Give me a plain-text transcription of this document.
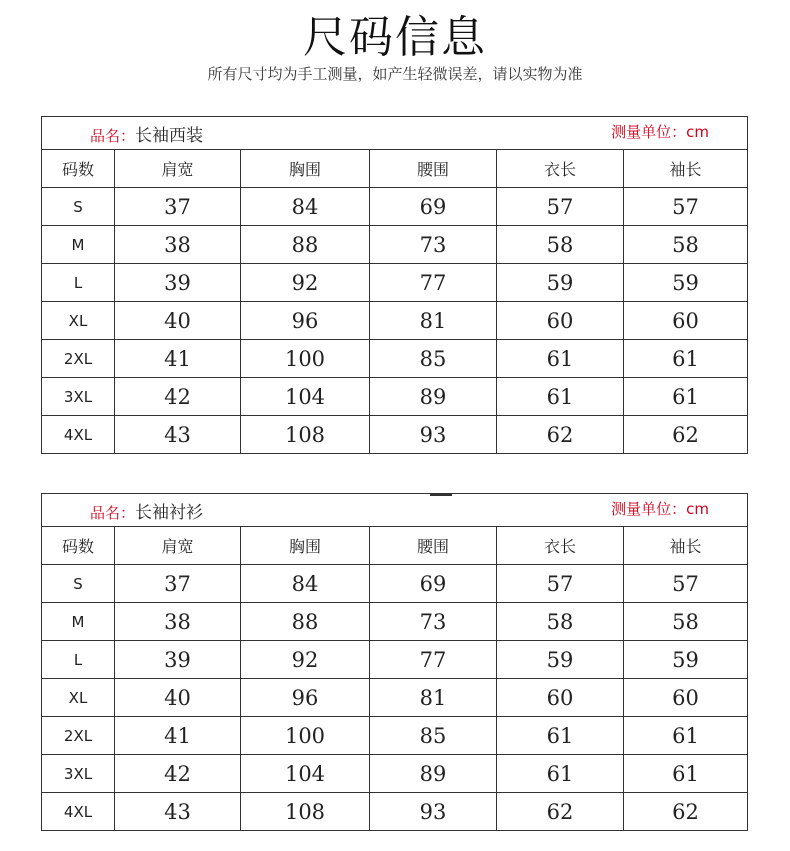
尺码信息
所有尺寸均为手工测量，如产生轻微误差，请以实物为准
品名：长袖西装 测量单位：cm					

码数	肩宽	胸围	腰围	衣长	袖长
S	37	84	69	57	57
M	38	88	73	58	58
L	39	92	77	59	59
XL	40	96	81	60	60
2XL	41	100	85	61	61
3XL	42	104	89	61	61
4XL	43	108	93	62	62
品名：长袖衬衫 测量单位：cm					

码数	肩宽	胸围	腰围	衣长	袖长
S	37	84	69	57	57
M	38	88	73	58	58
L	39	92	77	59	59
XL	40	96	81	60	60
2XL	41	100	85	61	61
3XL	42	104	89	61	61
4XL	43	108	93	62	62
